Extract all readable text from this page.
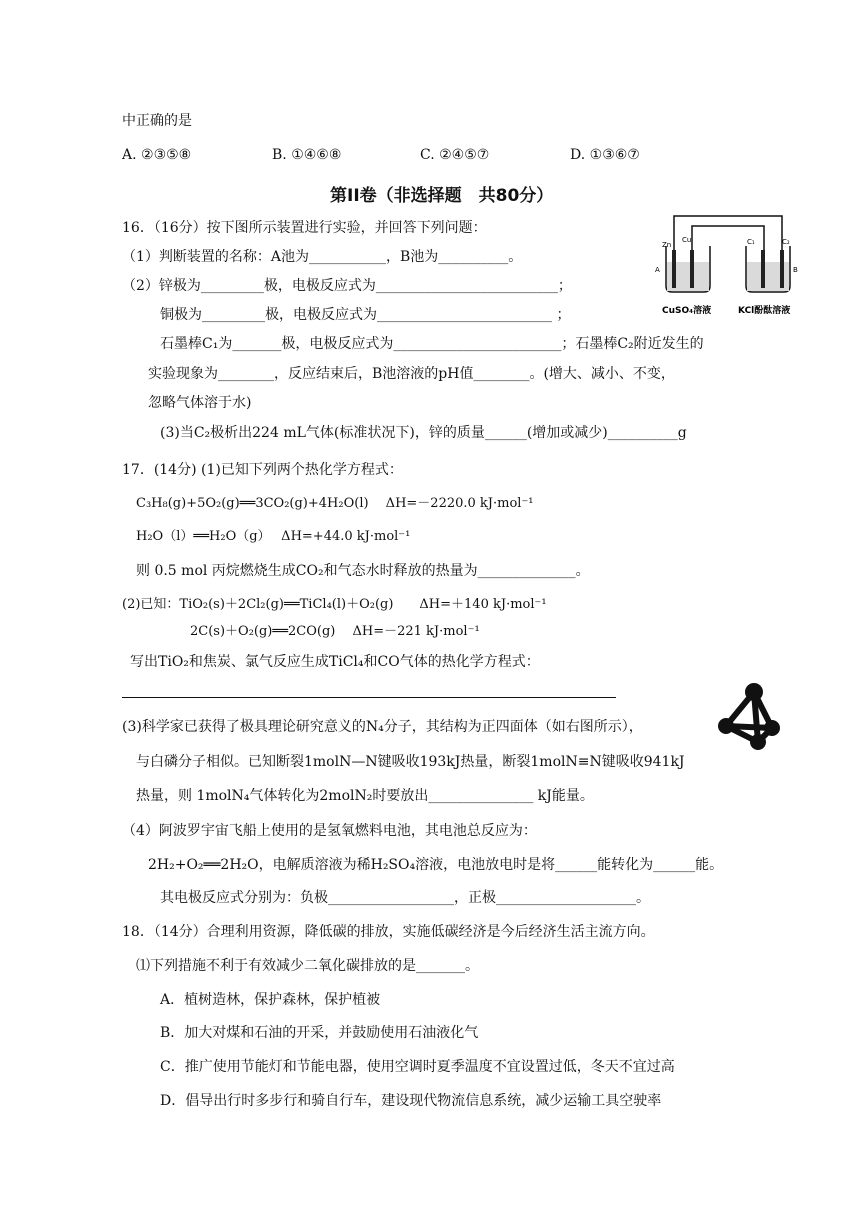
中正确的是
A. ②③⑤⑧	B. ①④⑥⑧	C. ②④⑤⑦	D. ①③⑥⑦
第II卷（非选择题　共80分）
Zn
Cu	C₁	C₂
A	B
CuSO₄溶液	KCl酚酞溶液
16．（16分）按下图所示装置进行实验，并回答下列问题：
（1）判断装置的名称：A池为___________，B池为__________。
（2）锌极为_________极，电极反应式为__________________________；
铜极为_________极，电极反应式为_________________________ ；
石墨棒C₁为_______极，电极反应式为________________________；石墨棒C₂附近发生的
实验现象为________，反应结束后，B池溶液的pH值________。(增大、减小、不变，
忽略气体溶于水)
(3)当C₂极析出224 mL气体(标准状况下)，锌的质量______(增加或减少)__________g
17．(14分) (1)已知下列两个热化学方程式：
C₃H₈(g)+5O₂(g)══3CO₂(g)+4H₂O(l)　 ΔH=－2220.0 kJ·mol⁻¹
H₂O（l）══H₂O（g）　 ΔH=+44.0 kJ·mol⁻¹
则 0.5 mol 丙烷燃烧生成CO₂和气态水时释放的热量为______________。
(2)已知：TiO₂(s)＋2Cl₂(g)══TiCl₄(l)＋O₂(g)　　ΔH=＋140 kJ·mol⁻¹
2C(s)＋O₂(g)══2CO(g)　 ΔH=－221 kJ·mol⁻¹
写出TiO₂和焦炭、氯气反应生成TiCl₄和CO气体的热化学方程式：
(3)科学家已获得了极具理论研究意义的N₄分子，其结构为正四面体（如右图所示），
与白磷分子相似。已知断裂1molN—N键吸收193kJ热量，断裂1molN≡N键吸收941kJ
热量，则 1molN₄气体转化为2molN₂时要放出_______________ kJ能量。
（4）阿波罗宇宙飞船上使用的是氢氧燃料电池，其电池总反应为：
2H₂+O₂══2H₂O，电解质溶液为稀H₂SO₄溶液，电池放电时是将______能转化为______能。
其电极反应式分别为：负极__________________，正极____________________。
18．（14分）合理利用资源，降低碳的排放，实施低碳经济是今后经济生活主流方向。
⑴下列措施不利于有效减少二氧化碳排放的是_______。
A．植树造林，保护森林，保护植被
B．加大对煤和石油的开采，并鼓励使用石油液化气
C．推广使用节能灯和节能电器，使用空调时夏季温度不宜设置过低，冬天不宜过高
D．倡导出行时多步行和骑自行车，建设现代物流信息系统，减少运输工具空驶率
